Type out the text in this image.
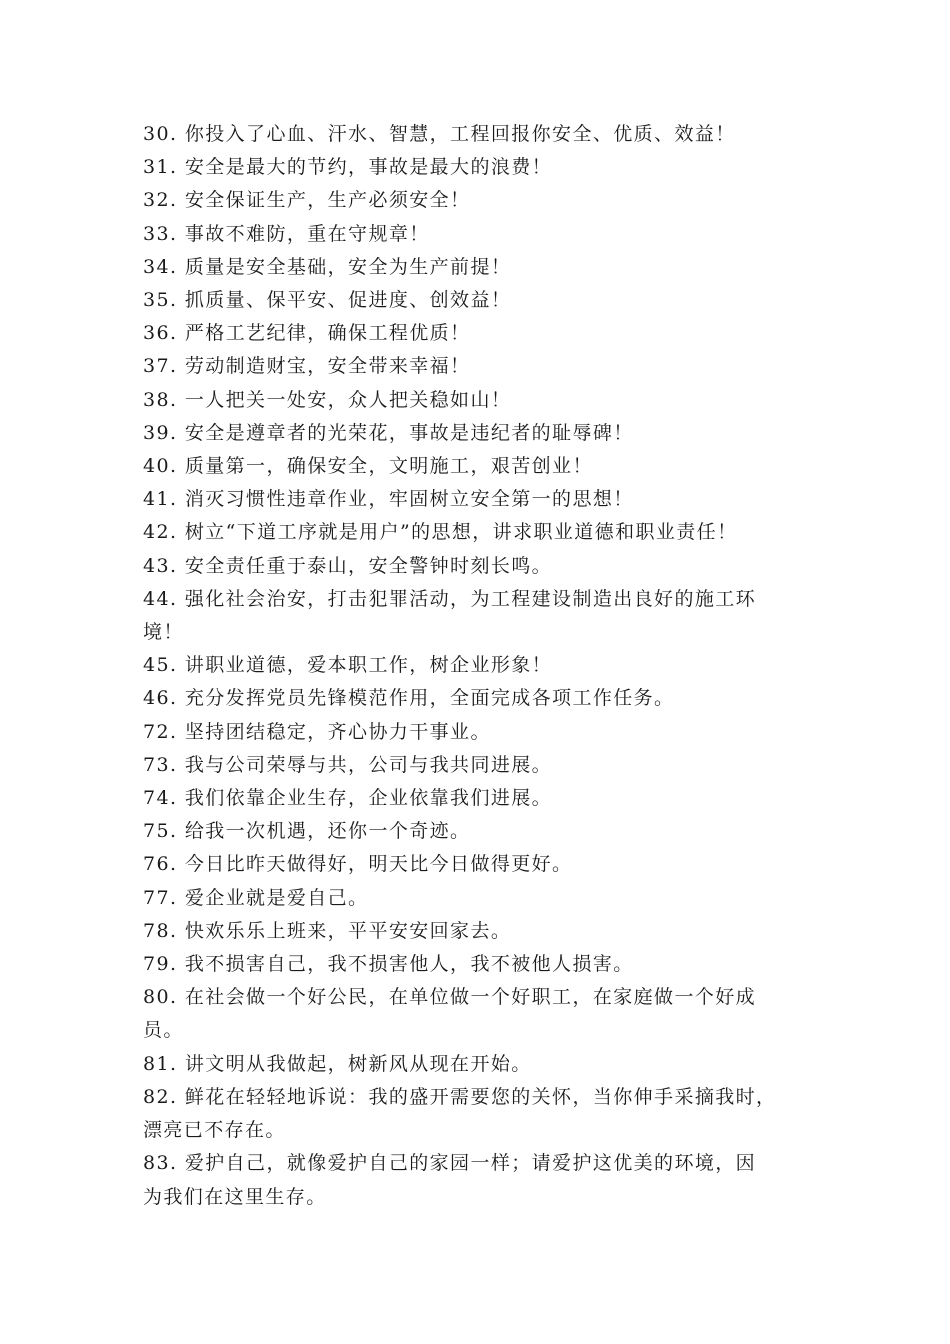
30. 你投入了心血、汗水、智慧，工程回报你安全、优质、效益！
31. 安全是最大的节约，事故是最大的浪费！
32. 安全保证生产，生产必须安全！
33. 事故不难防，重在守规章！
34. 质量是安全基础，安全为生产前提！
35. 抓质量、保平安、促进度、创效益！
36. 严格工艺纪律，确保工程优质！
37. 劳动制造财宝，安全带来幸福！
38. 一人把关一处安，众人把关稳如山！
39. 安全是遵章者的光荣花，事故是违纪者的耻辱碑！
40. 质量第一，确保安全，文明施工，艰苦创业！
41. 消灭习惯性违章作业，牢固树立安全第一的思想！
42. 树立“下道工序就是用户”的思想，讲求职业道德和职业责任！
43. 安全责任重于泰山，安全警钟时刻长鸣。
44. 强化社会治安，打击犯罪活动，为工程建设制造出良好的施工环
境！
45. 讲职业道德，爱本职工作，树企业形象！
46. 充分发挥党员先锋模范作用，全面完成各项工作任务。
72. 坚持团结稳定，齐心协力干事业。
73. 我与公司荣辱与共，公司与我共同进展。
74. 我们依靠企业生存，企业依靠我们进展。
75. 给我一次机遇，还你一个奇迹。
76. 今日比昨天做得好，明天比今日做得更好。
77. 爱企业就是爱自己。
78. 快欢乐乐上班来，平平安安回家去。
79. 我不损害自己，我不损害他人，我不被他人损害。
80. 在社会做一个好公民，在单位做一个好职工，在家庭做一个好成
员。
81. 讲文明从我做起，树新风从现在开始。
82. 鲜花在轻轻地诉说：我的盛开需要您的关怀，当你伸手采摘我时，
漂亮已不存在。
83. 爱护自己，就像爱护自己的家园一样；请爱护这优美的环境，因
为我们在这里生存。
